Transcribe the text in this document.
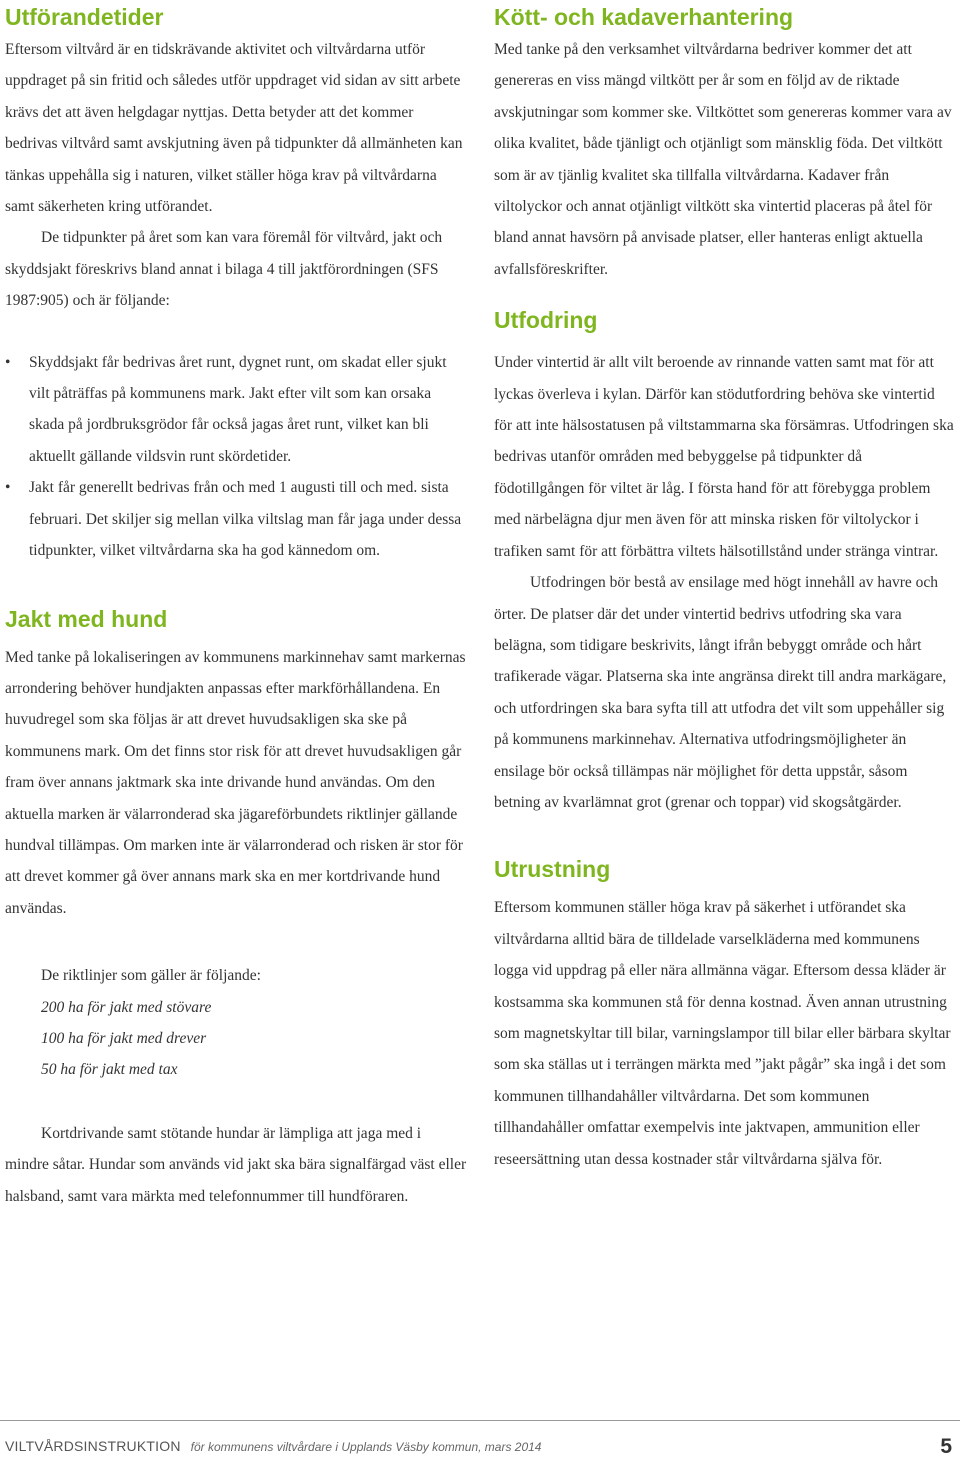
Utförandetider

Eftersom viltvård är en tidskrävande aktivitet och viltvårdarna utför uppdraget på sin fritid och således utför uppdraget vid sidan av sitt arbete krävs det att även helgdagar nyttjas. Detta betyder att det kommer bedrivas viltvård samt avskjutning även på tidpunkter då allmänheten kan tänkas uppehålla sig i naturen, vilket ställer höga krav på viltvårdarna samt säkerheten kring utförandet.

De tidpunkter på året som kan vara föremål för viltvård, jakt och skyddsjakt föreskrivs bland annat i bilaga 4 till jaktförordningen (SFS 1987:905) och är följande:

• Skyddsjakt får bedrivas året runt, dygnet runt, om skadat eller sjukt vilt påträffas på kommunens mark. Jakt efter vilt som kan orsaka skada på jordbruksgrödor får också jagas året runt, vilket kan bli aktuellt gällande vildsvin runt skördetider.
• Jakt får generellt bedrivas från och med 1 augusti till och med. sista februari. Det skiljer sig mellan vilka viltslag man får jaga under dessa tidpunkter, vilket viltvårdarna ska ha god kännedom om.
Jakt med hund

Med tanke på lokaliseringen av kommunens markinnehav samt markernas arrondering behöver hundjakten anpassas efter markförhållandena. En huvudregel som ska följas är att drevet huvudsakligen ska ske på kommunens mark. Om det finns stor risk för att drevet huvudsakligen går fram över annans jaktmark ska inte drivande hund användas. Om den aktuella marken är välarronderad ska jägareförbundets riktlinjer gällande hundval tillämpas. Om marken inte är välarronderad och risken är stor för att drevet kommer gå över annans mark ska en mer kortdrivande hund användas.

De riktlinjer som gäller är följande:

200 ha för jakt med stövare

100 ha för jakt med drever

50 ha för jakt med tax

Kortdrivande samt stötande hundar är lämpliga att jaga med i mindre såtar. Hundar som används vid jakt ska bära signalfärgad väst eller halsband, samt vara märkta med telefonnummer till hundföraren.

Kött- och kadaverhantering

Med tanke på den verksamhet viltvårdarna bedriver kommer det att genereras en viss mängd viltkött per år som en följd av de riktade avskjutningar som kommer ske. Viltköttet som genereras kommer vara av olika kvalitet, både tjänligt och otjänligt som mänsklig föda. Det viltkött som är av tjänlig kvalitet ska tillfalla viltvårdarna. Kadaver från viltolyckor och annat otjänligt viltkött ska vintertid placeras på åtel för bland annat havsörn på anvisade platser, eller hanteras enligt aktuella avfallsföreskrifter.

Utfodring

Under vintertid är allt vilt beroende av rinnande vatten samt mat för att lyckas överleva i kylan. Därför kan stödutfordring behöva ske vintertid för att inte hälsostatusen på viltstammarna ska försämras. Utfodringen ska bedrivas utanför områden med bebyggelse på tidpunkter då födotillgången för viltet är låg. I första hand för att förebygga problem med närbelägna djur men även för att minska risken för viltolyckor i trafiken samt för att förbättra viltets hälsotillstånd under stränga vintrar.

Utfodringen bör bestå av ensilage med högt innehåll av havre och örter. De platser där det under vintertid bedrivs utfodring ska vara belägna, som tidigare beskrivits, långt ifrån bebyggt område och hårt trafikerade vägar. Platserna ska inte angränsa direkt till andra markägare, och utfordringen ska bara syfta till att utfodra det vilt som uppehåller sig på kommunens markinnehav. Alternativa utfodringsmöjligheter än ensilage bör också tillämpas när möjlighet för detta uppstår, såsom betning av kvarlämnat grot (grenar och toppar) vid skogsåtgärder.

Utrustning

Eftersom kommunen ställer höga krav på säkerhet i utförandet ska viltvårdarna alltid bära de tilldelade varselkläderna med kommunens logga vid uppdrag på eller nära allmänna vägar. Eftersom dessa kläder är kostsamma ska kommunen stå för denna kostnad. Även annan utrustning som magnetskyltar till bilar, varningslampor till bilar eller bärbara skyltar som ska ställas ut i terrängen märkta med ”jakt pågår” ska ingå i det som kommunen tillhandahåller viltvårdarna. Det som kommunen tillhandahåller omfattar exempelvis inte jaktvapen, ammunition eller reseersättning utan dessa kostnader står viltvårdarna själva för.

VILTVÅRDSINSTRUKTION för kommunens viltvårdare i Upplands Väsby kommun, mars 2014	5
